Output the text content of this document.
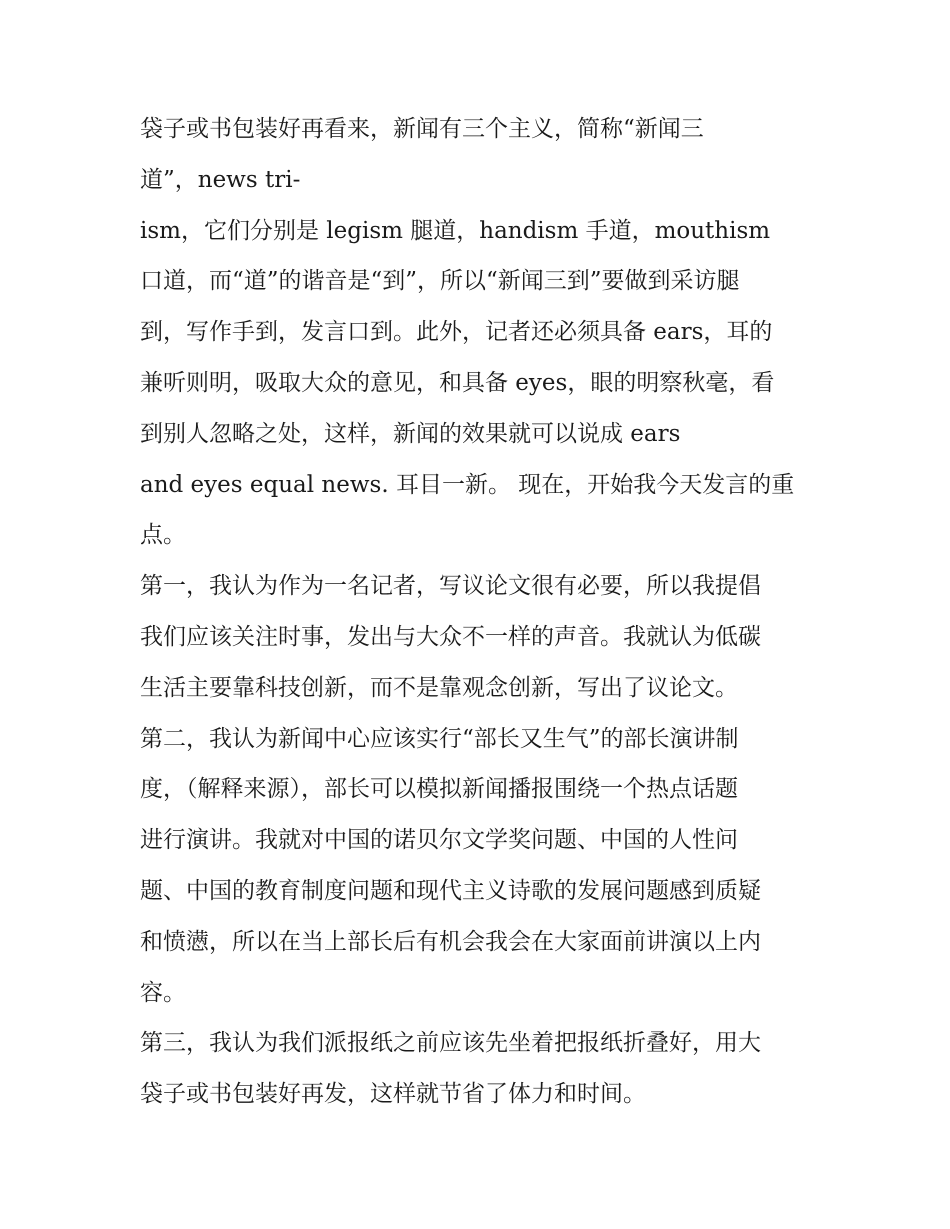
袋子或书包装好再看来，新闻有三个主义，简称“新闻三
道”，news tri-
ism，它们分别是 legism 腿道，handism 手道，mouthism
口道，而“道”的谐音是“到”，所以“新闻三到”要做到采访腿
到，写作手到，发言口到。此外，记者还必须具备 ears，耳的
兼听则明，吸取大众的意见，和具备 eyes，眼的明察秋毫，看
到别人忽略之处，这样，新闻的效果就可以说成 ears
and eyes equal news. 耳目一新。 现在，开始我今天发言的重
点。
第一，我认为作为一名记者，写议论文很有必要，所以我提倡
我们应该关注时事，发出与大众不一样的声音。我就认为低碳
生活主要靠科技创新，而不是靠观念创新，写出了议论文。
第二，我认为新闻中心应该实行“部长又生气”的部长演讲制
度，（解释来源），部长可以模拟新闻播报围绕一个热点话题
进行演讲。我就对中国的诺贝尔文学奖问题、中国的人性问
题、中国的教育制度问题和现代主义诗歌的发展问题感到质疑
和愤懑，所以在当上部长后有机会我会在大家面前讲演以上内
容。
第三，我认为我们派报纸之前应该先坐着把报纸折叠好，用大
袋子或书包装好再发，这样就节省了体力和时间。
